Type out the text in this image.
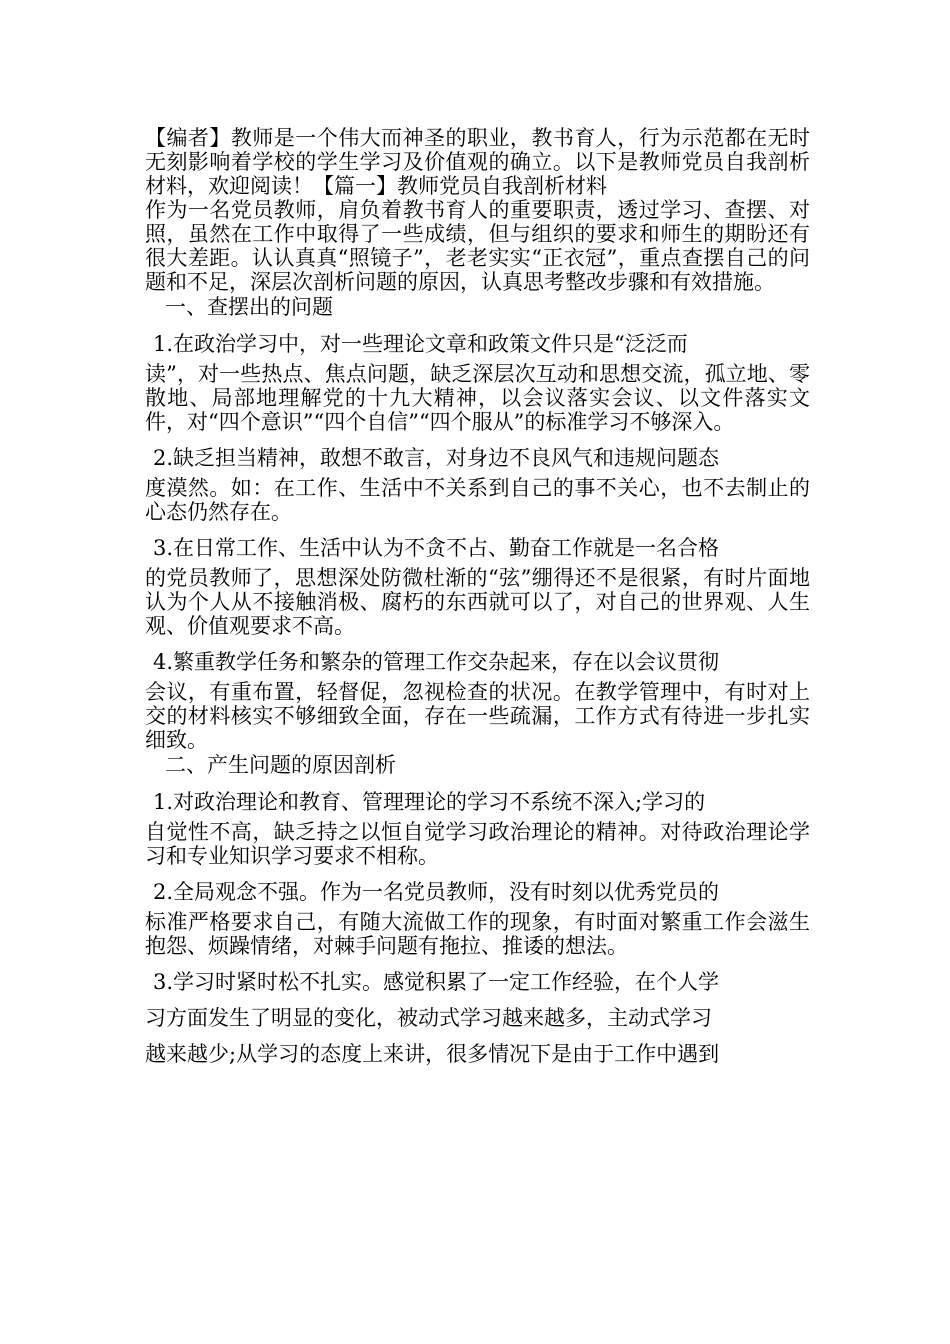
【编者】教师是一个伟大而神圣的职业，教书育人，行为示范都在无时无刻影响着学校的学生学习及价值观的确立。以下是教师党员自我剖析材料，欢迎阅读！【篇一】教师党员自我剖析材料

作为一名党员教师，肩负着教书育人的重要职责，透过学习、查摆、对照，虽然在工作中取得了一些成绩，但与组织的要求和师生的期盼还有很大差距。认认真真“照镜子”，老老实实“正衣冠”，重点查摆自己的问题和不足，深层次剖析问题的原因，认真思考整改步骤和有效措施。

一、查摆出的问题

1.在政治学习中，对一些理论文章和政策文件只是“泛泛而

读”，对一些热点、焦点问题，缺乏深层次互动和思想交流，孤立地、零散地、局部地理解党的十九大精神，以会议落实会议、以文件落实文件，对“四个意识”“四个自信”“四个服从”的标准学习不够深入。

2.缺乏担当精神，敢想不敢言，对身边不良风气和违规问题态

度漠然。如：在工作、生活中不关系到自己的事不关心，也不去制止的心态仍然存在。

3.在日常工作、生活中认为不贪不占、勤奋工作就是一名合格

的党员教师了，思想深处防微杜渐的“弦”绷得还不是很紧，有时片面地认为个人从不接触消极、腐朽的东西就可以了，对自己的世界观、人生观、价值观要求不高。

4.繁重教学任务和繁杂的管理工作交杂起来，存在以会议贯彻

会议，有重布置，轻督促，忽视检查的状况。在教学管理中，有时对上交的材料核实不够细致全面，存在一些疏漏，工作方式有待进一步扎实细致。

二、产生问题的原因剖析

1.对政治理论和教育、管理理论的学习不系统不深入;学习的

自觉性不高，缺乏持之以恒自觉学习政治理论的精神。对待政治理论学习和专业知识学习要求不相称。

2.全局观念不强。作为一名党员教师，没有时刻以优秀党员的

标准严格要求自己，有随大流做工作的现象，有时面对繁重工作会滋生抱怨、烦躁情绪，对棘手问题有拖拉、推诿的想法。

3.学习时紧时松不扎实。感觉积累了一定工作经验，在个人学

习方面发生了明显的变化，被动式学习越来越多，主动式学习

越来越少;从学习的态度上来讲，很多情况下是由于工作中遇到
